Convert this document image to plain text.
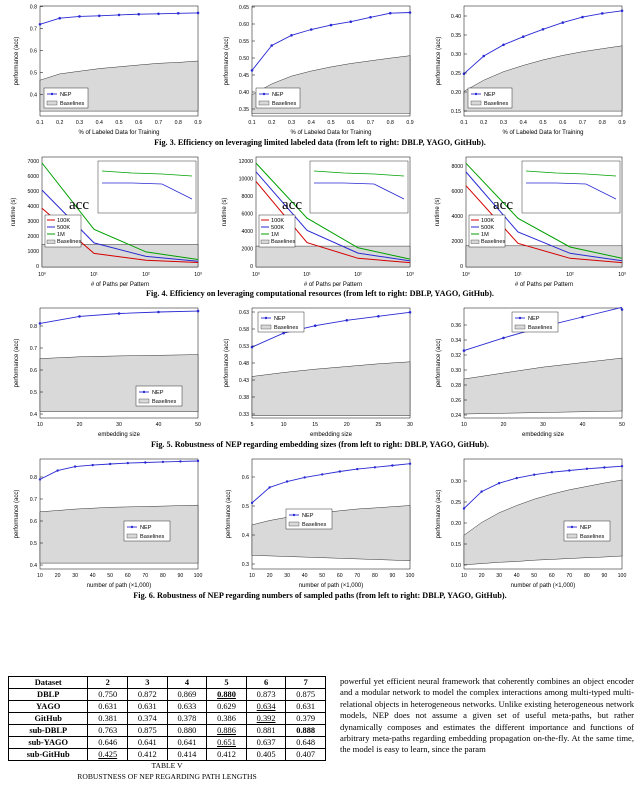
0.4
0.5
0.6
0.7
0.8
0.1 0.2 0.3 0.4 0.5 0.6 0.7 0.8 0.9
% of Labeled Data for Training
performance (acc)
NEP
Baselines
0.35
0.40
0.45
0.50
0.55
0.60
0.65
0.1 0.2 0.3 0.4 0.5 0.6 0.7 0.8 0.9
% of Labeled Data for Training
performance (acc)
NEP
Baselines
0.15
0.20
0.25
0.30
0.35
0.40
0.1 0.2 0.3 0.4 0.5 0.6 0.7 0.8 0.9
% of Labeled Data for Training
performance (acc)
NEP
Baselines
Fig. 3. Efficiency on leveraging limited labeled data (from left to right: DBLP, YAGO, GitHub).
0
1000
2000
3000
4000
5000
6000
7000
10⁰	10¹	10²	10³
# of Paths per Pattern
runtime (s)	acc
100K
500K
1M
Baselines
0
2000
4000
6000
8000
10000
12000
10⁰	10¹	10²	10³
# of Paths per Pattern
runtime (s)	acc
100K
500K
1M
Baselines
0
2000
4000
6000
8000
10⁰	10¹	10²	10³
# of Paths per Pattern
runtime (s)	acc
100K
500K
1M
Baselines
Fig. 4. Efficiency on leveraging computational resources (from left to right: DBLP, YAGO, GitHub).
0.4
0.5
0.6
0.7
0.8
10	20	30	40	50
embedding size
performance (acc)
NEP
Baselines
0.33
0.38
0.43
0.48
0.53
0.58
0.63
5	10	15	20	25	30
embedding size
performance (acc)
NEP
Baselines
0.24
0.26
0.28
0.30
0.32
0.34
0.36
10	20	30	40	50
embedding size
performance (acc)
NEP
Baselines
Fig. 5. Robustness of NEP regarding embedding sizes (from left to right: DBLP, YAGO, GitHub).
0.4
0.5
0.6
0.7
0.8
10 20 30 40 50 60 70 80 90 100
number of path (×1,000)
performance (acc)	NEP
Baselines
0.3
0.4
0.5
0.6
10 20 30 40 50 60 70 80 90 100
number of path (×1,000)
performance (acc)	NEP
Baselines
0.10
0.15
0.20
0.25
0.30
10 20 30 40 50 60 70 80 90 100
number of path (×1,000)
performance (acc)	NEP
Baselines
Fig. 6. Robustness of NEP regarding numbers of sampled paths (from left to right: DBLP, YAGO, GitHub).
Dataset	2	3	4	5	6	7
DBLP	0.750	0.872	0.869	0.880	0.873	0.875
YAGO	0.631	0.631	0.633	0.629	0.634	0.631
GitHub	0.381	0.374	0.378	0.386	0.392	0.379
sub-DBLP	0.763	0.875	0.880	0.886	0.881	0.888
sub-YAGO	0.646	0.641	0.641	0.651	0.637	0.648
sub-GitHub	0.425	0.412	0.414	0.412	0.405	0.407
TABLE V
ROBUSTNESS OF NEP REGARDING PATH LENGTHS
powerful yet efficient neural framework that coherently combines an object encoder and a modular network to model the complex interactions among multi-typed multi-relational objects in heterogeneous networks. Unlike existing heterogeneous network models, NEP does not assume a given set of useful meta-paths, but rather dynamically composes and estimates the different importance and functions of arbitrary meta-paths regarding embedding propagation on-the-fly. At the same time, the model is easy to learn, since the param
